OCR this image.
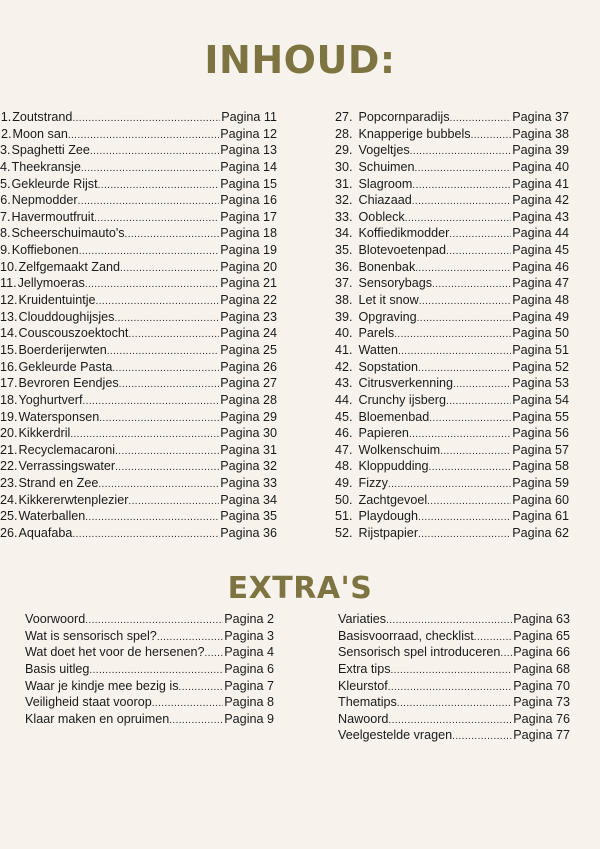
INHOUD:
1. Zoutstrand .....	Pagina 11
2. Moon san .....	Pagina 12
3. Spaghetti Zee .....	Pagina 13
4. Theekransje .....	Pagina 14
5. Gekleurde Rijst .....	Pagina 15
6. Nepmodder .....	Pagina 16
7. Havermoutfruit .....	Pagina 17
8. Scheerschuimauto's .....	Pagina 18
9. Koffiebonen .....	Pagina 19
10. Zelfgemaakt Zand .....	Pagina 20
11. Jellymoeras .....	Pagina 21
12. Kruidentuintje .....	Pagina 22
13. Clouddoughijsjes .....	Pagina 23
14. Couscouszoektocht .....	Pagina 24
15. Boerderijerwten .....	Pagina 25
16. Gekleurde Pasta .....	Pagina 26
17. Bevroren Eendjes .....	Pagina 27
18. Yoghurtverf .....	Pagina 28
19. Watersponsen .....	Pagina 29
20. Kikkerdril .....	Pagina 30
21. Recyclemacaroni .....	Pagina 31
22. Verrassingswater .....	Pagina 32
23. Strand en Zee .....	Pagina 33
24. Kikkererwtenplezier .....	Pagina 34
25. Waterballen .....	Pagina 35
26. Aquafaba .....	Pagina 36
27. Popcornparadijs .....	Pagina 37
28. Knapperige bubbels .....	Pagina 38
29. Vogeltjes .....	Pagina 39
30. Schuimen .....	Pagina 40
31. Slagroom .....	Pagina 41
32. Chiazaad .....	Pagina 42
33. Oobleck .....	Pagina 43
34. Koffiedikmodder .....	Pagina 44
35. Blotevoetenpad .....	Pagina 45
36. Bonenbak .....	Pagina 46
37. Sensorybags .....	Pagina 47
38. Let it snow .....	Pagina 48
39. Opgraving .....	Pagina 49
40. Parels .....	Pagina 50
41. Watten .....	Pagina 51
42. Sopstation .....	Pagina 52
43. Citrusverkenning .....	Pagina 53
44. Crunchy ijsberg .....	Pagina 54
45. Bloemenbad .....	Pagina 55
46. Papieren .....	Pagina 56
47. Wolkenschuim .....	Pagina 57
48. Kloppudding .....	Pagina 58
49. Fizzy .....	Pagina 59
50. Zachtgevoel .....	Pagina 60
51. Playdough .....	Pagina 61
52. Rijstpapier .....	Pagina 62
EXTRA'S
Voorwoord .....	Pagina 2
Wat is sensorisch spel? .....	Pagina 3
Wat doet het voor de hersenen? ..... Pagina 4
Basis uitleg .....	Pagina 6
Waar je kindje mee bezig is .....	Pagina 7
Veiligheid staat voorop .....	Pagina 8
Klaar maken en opruimen .....	Pagina 9
Variaties .....	Pagina 63
Basisvoorraad, checklist .....	Pagina 65
Sensorisch spel introduceren ..... Pagina 66
Extra tips .....	Pagina 68
Kleurstof .....	Pagina 70
Thematips .....	Pagina 73
Nawoord .....	Pagina 76
Veelgestelde vragen .....	Pagina 77
